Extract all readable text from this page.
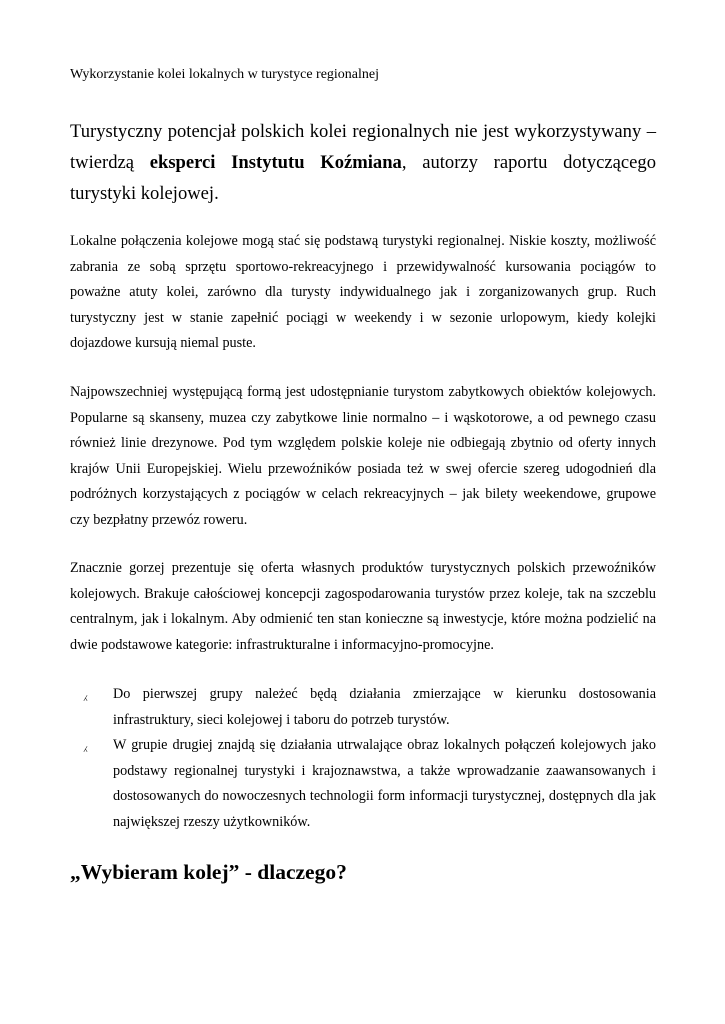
Wykorzystanie kolei lokalnych w turystyce regionalnej
Turystyczny potencjał polskich kolei regionalnych nie jest wykorzystywany – twierdzą eksperci Instytutu Koźmiana, autorzy raportu dotyczącego turystyki kolejowej.
Lokalne połączenia kolejowe mogą stać się podstawą turystyki regionalnej. Niskie koszty, możliwość zabrania ze sobą sprzętu sportowo-rekreacyjnego i przewidywalność kursowania pociągów to poważne atuty kolei, zarówno dla turysty indywidualnego jak i zorganizowanych grup. Ruch turystyczny jest w stanie zapełnić pociągi w weekendy i w sezonie urlopowym, kiedy kolejki dojazdowe kursują niemal puste.
Najpowszechniej występującą formą jest udostępnianie turystom zabytkowych obiektów kolejowych. Popularne są skanseny, muzea czy zabytkowe linie normalno – i wąskotorowe, a od pewnego czasu również linie drezynowe. Pod tym względem polskie koleje nie odbiegają zbytnio od oferty innych krajów Unii Europejskiej. Wielu przewoźników posiada też w swej ofercie szereg udogodnień dla podróżnych korzystających z pociągów w celach rekreacyjnych – jak bilety weekendowe, grupowe czy bezpłatny przewóz roweru.
Znacznie gorzej prezentuje się oferta własnych produktów turystycznych polskich przewoźników kolejowych. Brakuje całościowej koncepcji zagospodarowania turystów przez koleje, tak na szczeblu centralnym, jak i lokalnym. Aby odmienić ten stan konieczne są inwestycje, które można podzielić na dwie podstawowe kategorie: infrastrukturalne i informacyjno-promocyjne.
⁁ Do pierwszej grupy należeć będą działania zmierzające w kierunku dostosowania infrastruktury, sieci kolejowej i taboru do potrzeb turystów.
⁁ W grupie drugiej znajdą się działania utrwalające obraz lokalnych połączeń kolejowych jako podstawy regionalnej turystyki i krajoznawstwa, a także wprowadzanie zaawansowanych i dostosowanych do nowoczesnych technologii form informacji turystycznej, dostępnych dla jak największej rzeszy użytkowników.
„Wybieram kolej” - dlaczego?
